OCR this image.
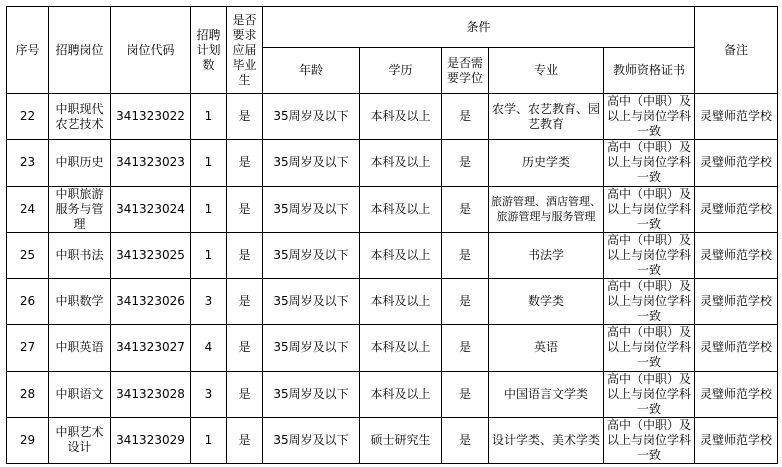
序号	招聘岗位	岗位代码	招聘计划数	是否要求应届毕业生	条件					备注
					年龄	学历	是否需要学位	专业	教师资格证书	
22	中职现代农艺技术	341323022	1	是	35周岁及以下	本科及以上	是	农学、农艺教育、园艺教育	高中（中职）及以上与岗位学科一致	灵璧师范学校
23	中职历史	341323023	1	是	35周岁及以下	本科及以上	是	历史学类	高中（中职）及以上与岗位学科一致	灵璧师范学校
24	中职旅游服务与管理	341323024	1	是	35周岁及以下	本科及以上	是	旅游管理、酒店管理、旅游管理与服务管理	高中（中职）及以上与岗位学科一致	灵璧师范学校
25	中职书法	341323025	1	是	35周岁及以下	本科及以上	是	书法学	高中（中职）及以上与岗位学科一致	灵璧师范学校
26	中职数学	341323026	3	是	35周岁及以下	本科及以上	是	数学类	高中（中职）及以上与岗位学科一致	灵璧师范学校
27	中职英语	341323027	4	是	35周岁及以下	本科及以上	是	英语	高中（中职）及以上与岗位学科一致	灵璧师范学校
28	中职语文	341323028	3	是	35周岁及以下	本科及以上	是	中国语言文学类	高中（中职）及以上与岗位学科一致	灵璧师范学校
29	中职艺术设计	341323029	1	是	35周岁及以下	硕士研究生	是	设计学类、美术学类	高中（中职）及以上与岗位学科一致	灵璧师范学校
